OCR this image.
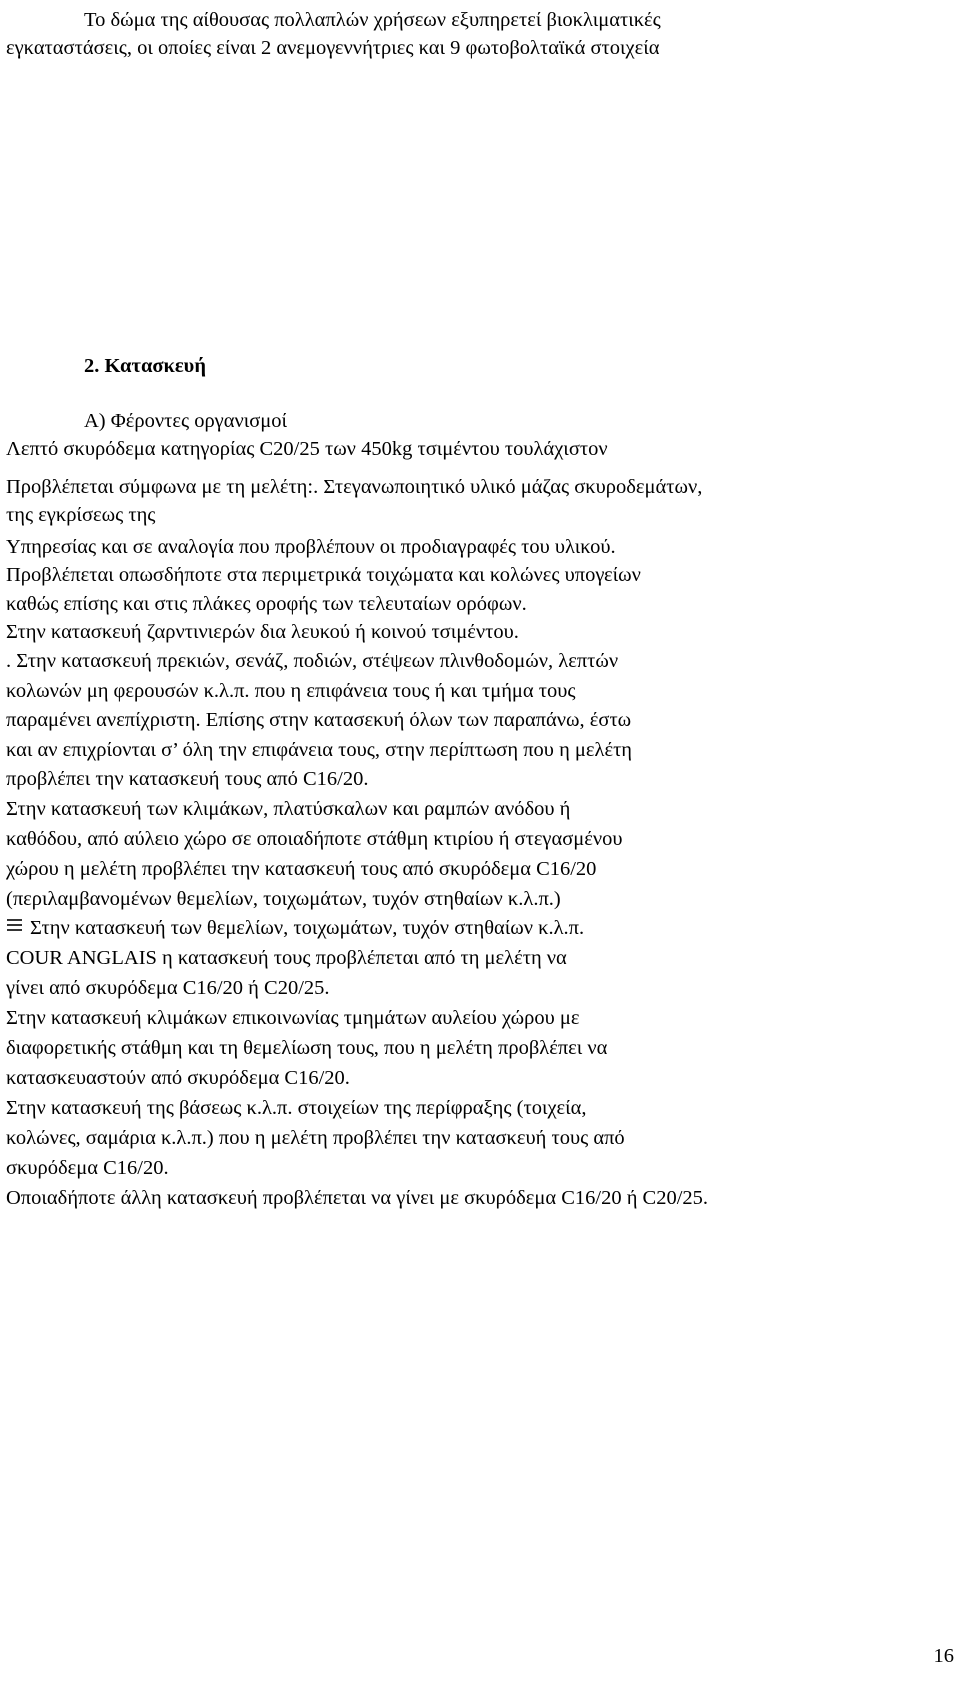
Το δώμα της αίθουσας πολλαπλών χρήσεων εξυπηρετεί βιοκλιματικές
εγκαταστάσεις, οι οποίες είναι 2 ανεμογεννήτριες και 9 φωτοβολταϊκά στοιχεία
2. Κατασκευή
Α) Φέροντες οργανισμοί
Λεπτό σκυρόδεμα κατηγορίας C20/25 των 450kg τσιμέντου τουλάχιστον
Προβλέπεται σύμφωνα με τη μελέτη:. Στεγανωποιητικό υλικό μάζας σκυροδεμάτων,
της εγκρίσεως της
Υπηρεσίας και σε αναλογία που προβλέπουν οι προδιαγραφές του υλικού.
Προβλέπεται οπωσδήποτε στα περιμετρικά τοιχώματα και κολώνες υπογείων
καθώς επίσης και στις πλάκες οροφής των τελευταίων ορόφων.
Στην κατασκευή ζαρντινιερών δια λευκού ή κοινού τσιμέντου.
. Στην κατασκευή πρεκιών, σενάζ, ποδιών, στέψεων πλινθοδομών, λεπτών
κολωνών μη φερουσών κ.λ.π. που η επιφάνεια τους ή και τμήμα τους
παραμένει ανεπίχριστη. Επίσης στην κατασεκυή όλων των παραπάνω, έστω
και αν επιχρίονται σ’ όλη την επιφάνεια τους, στην περίπτωση που η μελέτη
προβλέπει την κατασκευή τους από C16/20.
Στην κατασκευή των κλιμάκων, πλατύσκαλων και ραμπών ανόδου ή
καθόδου, από αύλειο χώρο σε οποιαδήποτε στάθμη κτιρίου ή στεγασμένου
χώρου η μελέτη προβλέπει την κατασκευή τους από σκυρόδεμα C16/20
(περιλαμβανομένων θεμελίων, τοιχωμάτων, τυχόν στηθαίων κ.λ.π.)
Στην κατασκευή των θεμελίων, τοιχωμάτων, τυχόν στηθαίων κ.λ.π.
COUR ANGLAIS η κατασκευή τους προβλέπεται από τη μελέτη να
γίνει από σκυρόδεμα C16/20 ή C20/25.
Στην κατασκευή κλιμάκων επικοινωνίας τμημάτων αυλείου χώρου με
διαφορετικής στάθμη και τη θεμελίωση τους, που η μελέτη προβλέπει να
κατασκευαστούν από σκυρόδεμα C16/20.
Στην κατασκευή της βάσεως κ.λ.π. στοιχείων της περίφραξης (τοιχεία,
κολώνες, σαμάρια κ.λ.π.) που η μελέτη προβλέπει την κατασκευή τους από
σκυρόδεμα C16/20.
Οποιαδήποτε άλλη κατασκευή προβλέπεται να γίνει με σκυρόδεμα C16/20 ή C20/25.
16
